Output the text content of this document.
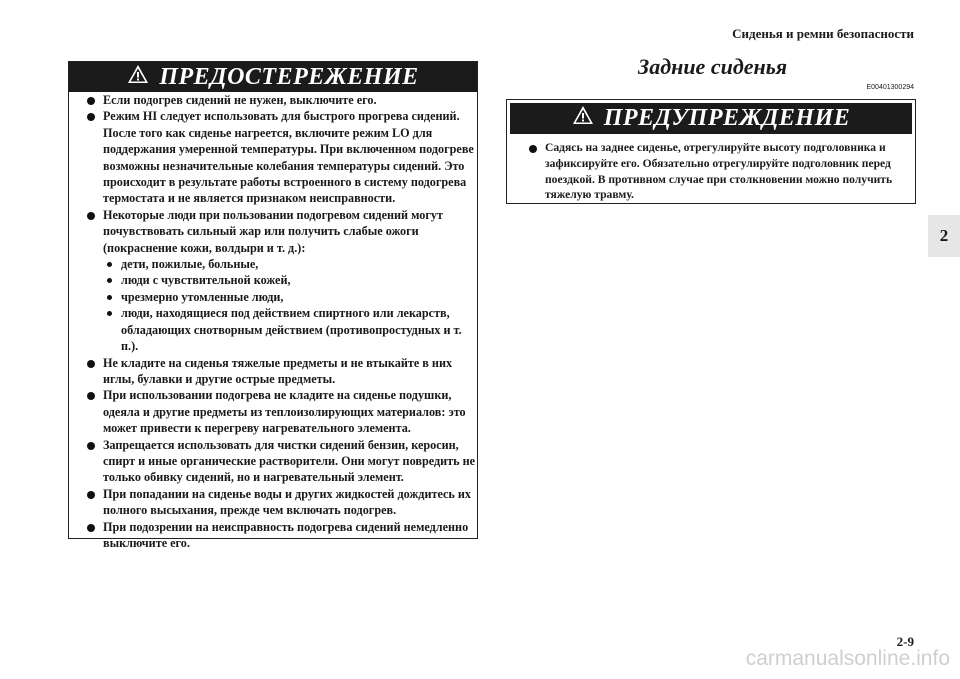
Сиденья и ремни безопасности
2
ПРЕДОСТЕРЕЖЕНИЕ
Если подогрев сидений не нужен, выключите его.
Режим HI следует использовать для быстрого прогрева сидений. После того как сиденье нагреется, включите режим LO для поддержания умеренной температуры. При включенном подогреве возможны незначительные колебания температуры сидений. Это происходит в результате работы встроенного в систему подогрева термостата и не является признаком неисправности.
Некоторые люди при пользовании подогревом сидений могут почувствовать сильный жар или получить слабые ожоги (покраснение кожи, волдыри и т. д.):
дети, пожилые, больные,
люди с чувствительной кожей,
чрезмерно утомленные люди,
люди, находящиеся под действием спиртного или лекарств, обладающих снотворным действием (противопростудных и т. п.).
Не кладите на сиденья тяжелые предметы и не втыкайте в них иглы, булавки и другие острые предметы.
При использовании подогрева не кладите на сиденье подушки, одеяла и другие предметы из теплоизолирующих материалов: это может привести к перегреву нагревательного элемента.
Запрещается использовать для чистки сидений бензин, керосин, спирт и иные органические растворители. Они могут повредить не только обивку сидений, но и нагревательный элемент.
При попадании на сиденье воды и других жидкостей дождитесь их полного высыхания, прежде чем включать подогрев.
При подозрении на неисправность подогрева сидений немедленно выключите его.
Задние сиденья
E00401300294
ПРЕДУПРЕЖДЕНИЕ
Садясь на заднее сиденье, отрегулируйте высоту подголовника и зафиксируйте его. Обязательно отрегулируйте подголовник перед поездкой. В противном случае при столкновении можно получить тяжелую травму.
2-9
carmanualsonline.info
